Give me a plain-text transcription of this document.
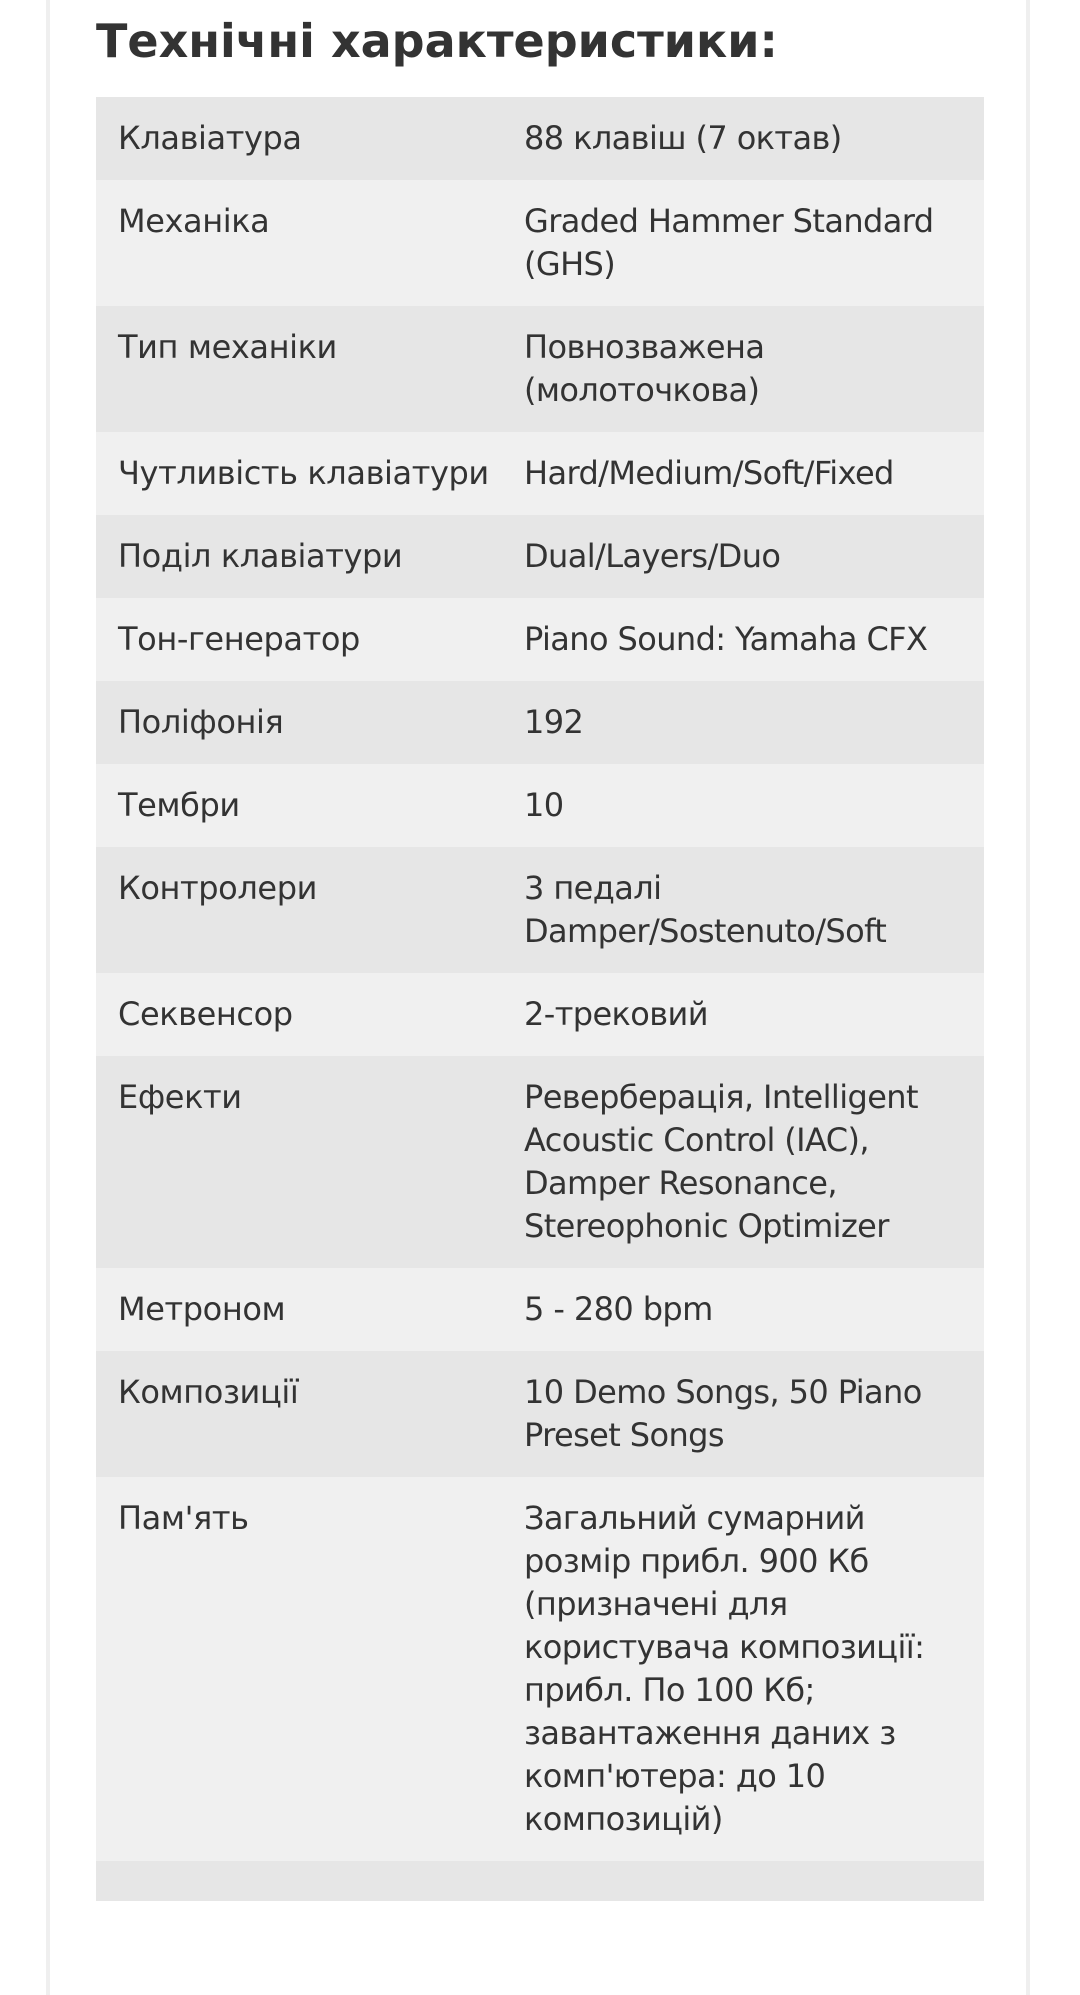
Технічні характеристики:
Клавіатура	88 клавіш (7 октав)
Механіка	Graded Hammer Standard (GHS)
Тип механіки	Повнозважена (молоточкова)
Чутливість клавіатури	Hard/Medium/Soft/Fixed
Поділ клавіатури	Dual/Layers/Duo
Тон-генератор	Piano Sound: Yamaha CFX
Поліфонія	192
Тембри	10
Контролери	3 педалі Damper/Sostenuto/Soft
Секвенсор	2-трековий
Ефекти	Реверберація, Intelligent Acoustic Control (IAC), Damper Resonance, Stereophonic Optimizer
Метроном	5 - 280 bpm
Композиції	10 Demo Songs, 50 Piano Preset Songs
Пам'ять	Загальний сумарний розмір прибл. 900 Кб (призначені для користувача композиції: прибл. По 100 Кб; завантаження даних з комп'ютера: до 10 композицій)
